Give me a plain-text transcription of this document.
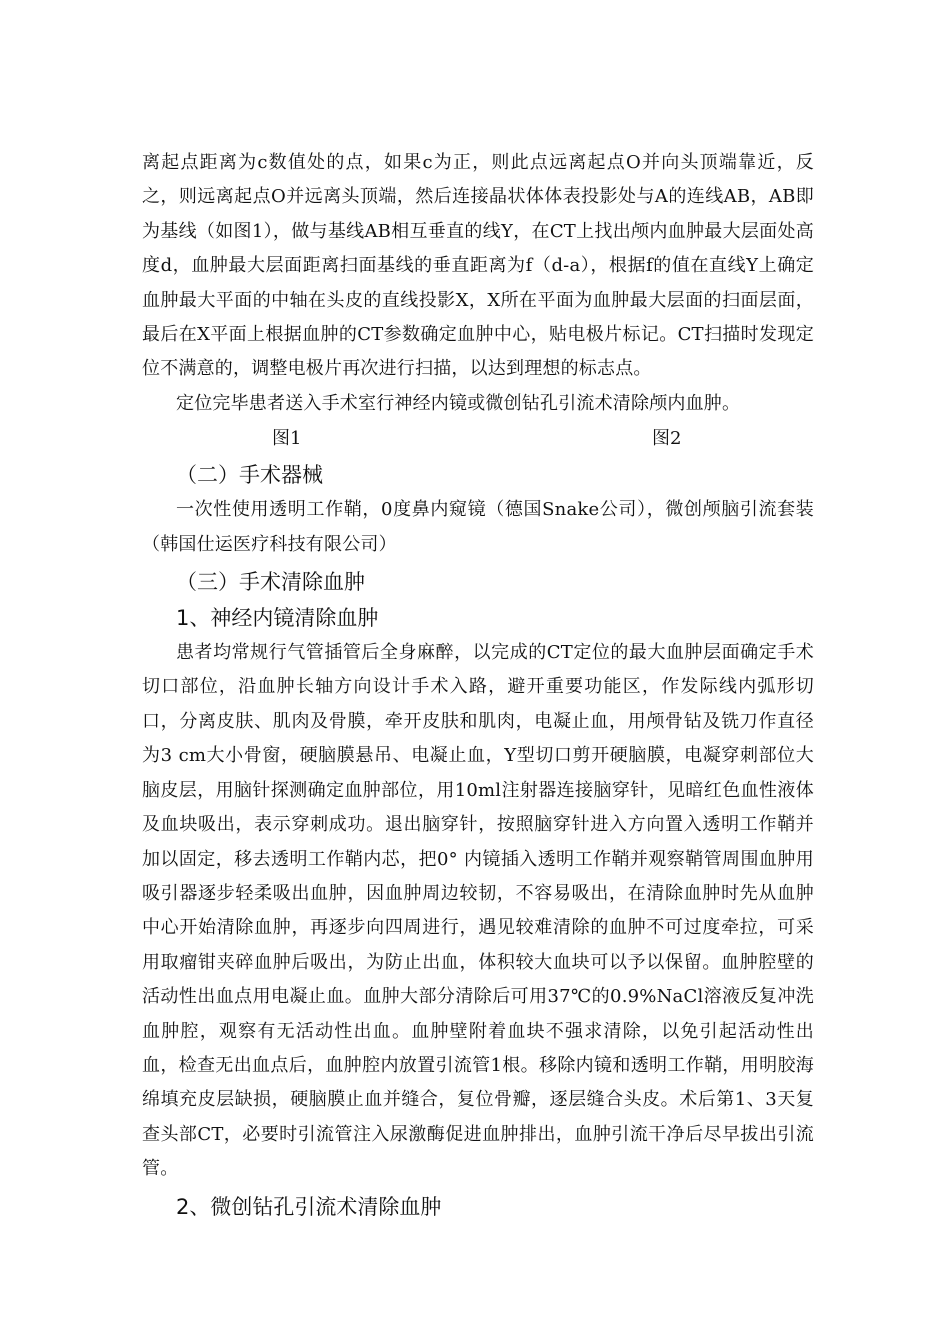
离起点距离为c数值处的点，如果c为正，则此点远离起点O并向头顶端靠近，反之，则远离起点O并远离头顶端，然后连接晶状体体表投影处与A的连线AB，AB即为基线（如图1），做与基线AB相互垂直的线Y，在CT上找出颅内血肿最大层面处高度d，血肿最大层面距离扫面基线的垂直距离为f（d-a），根据f的值在直线Y上确定血肿最大平面的中轴在头皮的直线投影X，X所在平面为血肿最大层面的扫面层面，最后在X平面上根据血肿的CT参数确定血肿中心，贴电极片标记。CT扫描时发现定位不满意的，调整电极片再次进行扫描，以达到理想的标志点。

定位完毕患者送入手术室行神经内镜或微创钻孔引流术清除颅内血肿。

图1	图2
（二）手术器械

一次性使用透明工作鞘，0度鼻内窥镜（德国Snake公司），微创颅脑引流套装（韩国仕运医疗科技有限公司）

（三）手术清除血肿
1、神经内镜清除血肿

患者均常规行气管插管后全身麻醉，以完成的CT定位的最大血肿层面确定手术切口部位，沿血肿长轴方向设计手术入路，避开重要功能区，作发际线内弧形切口，分离皮肤、肌肉及骨膜，牵开皮肤和肌肉，电凝止血，用颅骨钻及铣刀作直径为3 cm大小骨窗，硬脑膜悬吊、电凝止血，Y型切口剪开硬脑膜，电凝穿刺部位大脑皮层，用脑针探测确定血肿部位，用10ml注射器连接脑穿针，见暗红色血性液体及血块吸出，表示穿刺成功。退出脑穿针，按照脑穿针进入方向置入透明工作鞘并加以固定，移去透明工作鞘内芯，把0° 内镜插入透明工作鞘并观察鞘管周围血肿用吸引器逐步轻柔吸出血肿，因血肿周边较韧，不容易吸出，在清除血肿时先从血肿中心开始清除血肿，再逐步向四周进行，遇见较难清除的血肿不可过度牵拉，可采用取瘤钳夹碎血肿后吸出，为防止出血，体积较大血块可以予以保留。血肿腔壁的活动性出血点用电凝止血。血肿大部分清除后可用37℃的0.9%NaCl溶液反复冲洗血肿腔，观察有无活动性出血。血肿壁附着血块不强求清除，以免引起活动性出血，检查无出血点后，血肿腔内放置引流管1根。移除内镜和透明工作鞘，用明胶海绵填充皮层缺损，硬脑膜止血并缝合，复位骨瓣，逐层缝合头皮。术后第1、3天复查头部CT，必要时引流管注入尿激酶促进血肿排出，血肿引流干净后尽早拔出引流管。

2、微创钻孔引流术清除血肿
